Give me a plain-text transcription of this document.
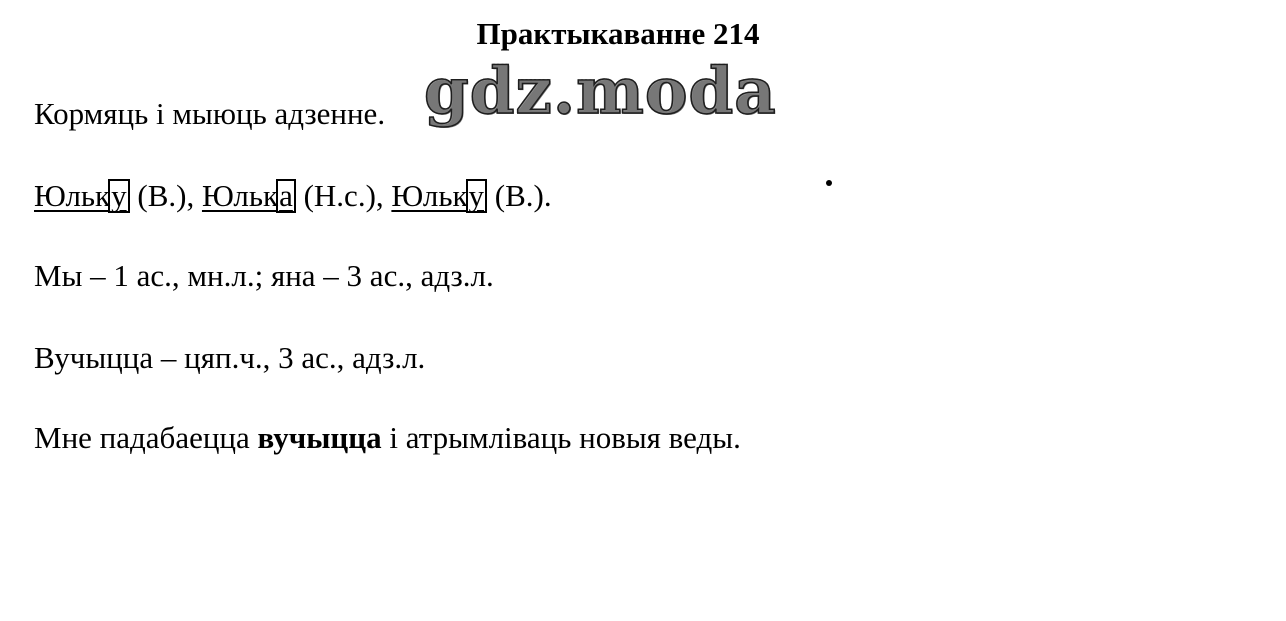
Практыкаванне 214
gdz.moda
Кормяць і мыюць адзенне.
Юльку (В.), Юлька (Н.с.), Юльку (В.).
Мы – 1 ас., мн.л.; яна – 3 ас., адз.л.
Вучыцца – цяп.ч., 3 ас., адз.л.
Мне падабаецца вучыцца і атрымліваць новыя веды.
